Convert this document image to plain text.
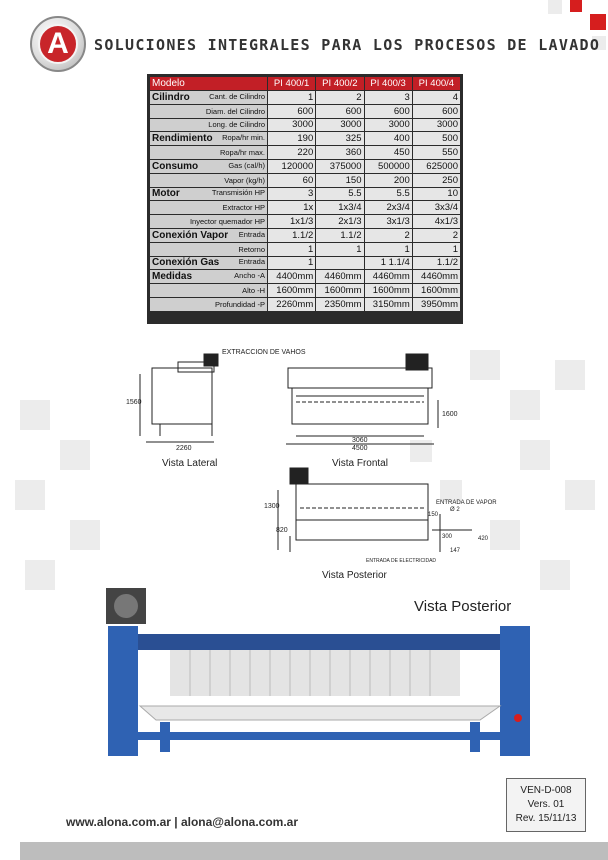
A	SOLUCIONES INTEGRALES PARA LOS PROCESOS DE LAVADO
Modelo	PI 400/1	PI 400/2	PI 400/3	PI 400/4

Cilindro Cant. de Cilindro	1	2	3	4

Diam. del Cilindro	600	600	600	600

Long. de Cilindro	3000	3000	3000	3000

Rendimiento Ropa/hr min.	190	325	400	500

Ropa/hr max.	220	360	450	550

Consumo Gas (cal/h)	120000	375000	500000	625000

Vapor (kg/h)	60	150	200	250

Motor Transmisión HP	3	5.5	5.5	10

Extractor HP	1x	1x3/4	2x3/4	3x3/4

Inyector quemador HP	1x1/3	2x1/3	3x1/3	4x1/3

Conexión Vapor Entrada	1.1/2	1.1/2	2	2

Retorno	1	1	1	1

Conexión Gas Entrada	1		1 1.1/4	1.1/2

Medidas Ancho -A	4400mm	4460mm	4460mm	4460mm

Alto -H	1600mm	1600mm	1600mm	1600mm

Profundidad -P	2260mm	2350mm	3150mm	3950mm
EXTRACCION DE VAHOS
1560
2260
Vista Lateral
1600
3060
4500
Vista Frontal
1300
820
ENTRADA DE VAPOR
Ø 2
150
300
147
420
ENTRADA DE ELECTRICIDAD
Vista Posterior
Vista Posterior
VEN-D-008
Vers. 01
Rev. 15/11/13
www.alona.com.ar | alona@alona.com.ar
